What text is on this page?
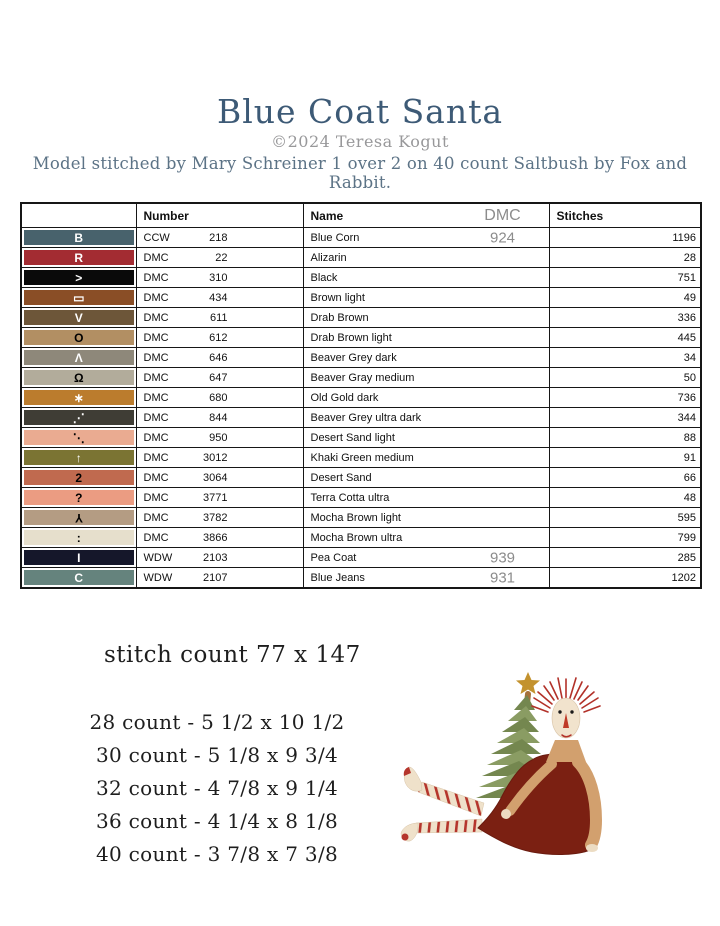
Blue Coat Santa
©2024 Teresa Kogut
Model stitched by Mary Schreiner 1 over 2 on 40 count Saltbush by Fox and Rabbit.
	Number	Name DMC	Stitches

B	CCW 218	Blue Corn 924	1196

R	DMC 22	Alizarin	28

>	DMC 310	Black	751

▭	DMC 434	Brown light	49

V	DMC 611	Drab Brown	336

O	DMC 612	Drab Brown light	445

Λ	DMC 646	Beaver Grey dark	34

Ω	DMC 647	Beaver Gray medium	50

∗	DMC 680	Old Gold dark	736

⋰	DMC 844	Beaver Grey ultra dark	344

⋱	DMC 950	Desert Sand light	88

↑	DMC 3012	Khaki Green medium	91

2	DMC 3064	Desert Sand	66

?	DMC 3771	Terra Cotta ultra	48

Y	DMC 3782	Mocha Brown light	595

:	DMC 3866	Mocha Brown ultra	799

I	WDW 2103	Pea Coat 939	285

C	WDW 2107	Blue Jeans 931	1202
stitch count 77 x 147
28 count - 5 1/2 x 10 1/2
30 count - 5 1/8 x 9 3/4
32 count - 4 7/8 x 9 1/4
36 count - 4 1/4 x 8 1/8
40 count - 3 7/8 x 7 3/8
